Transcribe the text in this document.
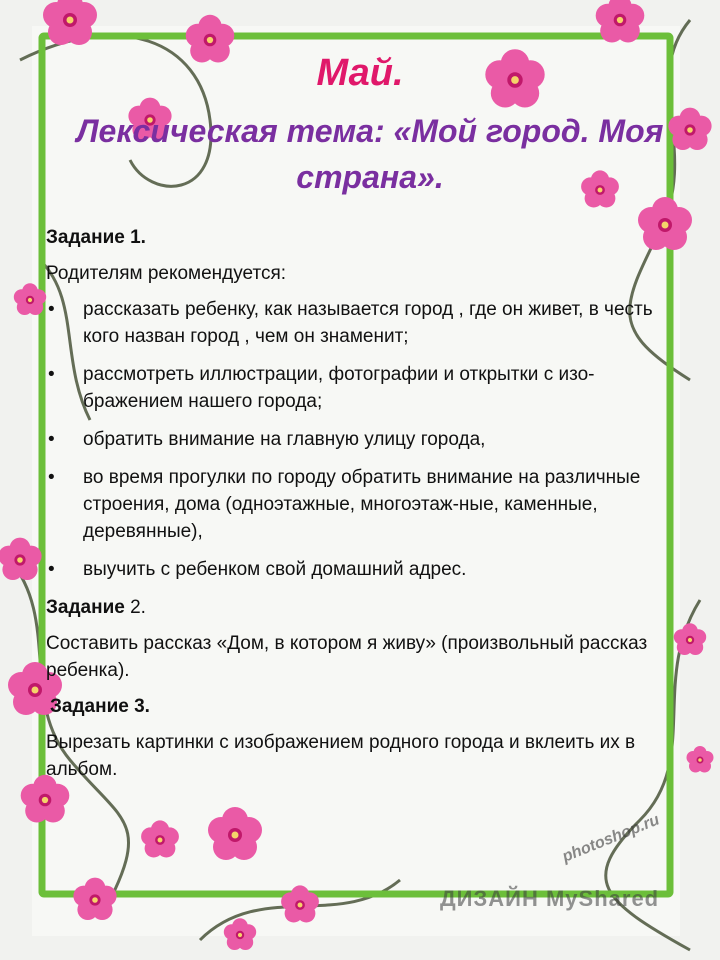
Май.
Лексическая тема: «Мой город. Моя страна».

Задание 1.

Родителям рекомендуется:

• рассказать ребенку, как называется город , где он живет, в честь кого назван город , чем он знаменит;
• рассмотреть иллюстрации, фотографии и открытки с изо-бражением нашего города;
• обратить внимание на главную улицу города,
• во время прогулки по городу обратить внимание на различные строения, дома (одноэтажные, многоэтаж-ные, каменные, деревянные),
• выучить с ребенком свой домашний адрес.

Задание 2.

Составить рассказ «Дом, в котором я живу» (произвольный рассказ ребенка).

Задание 3.

Вырезать картинки с изображением родного города и вклеить их в альбом.

photoshop.ru
ДИЗАЙН MyShared
